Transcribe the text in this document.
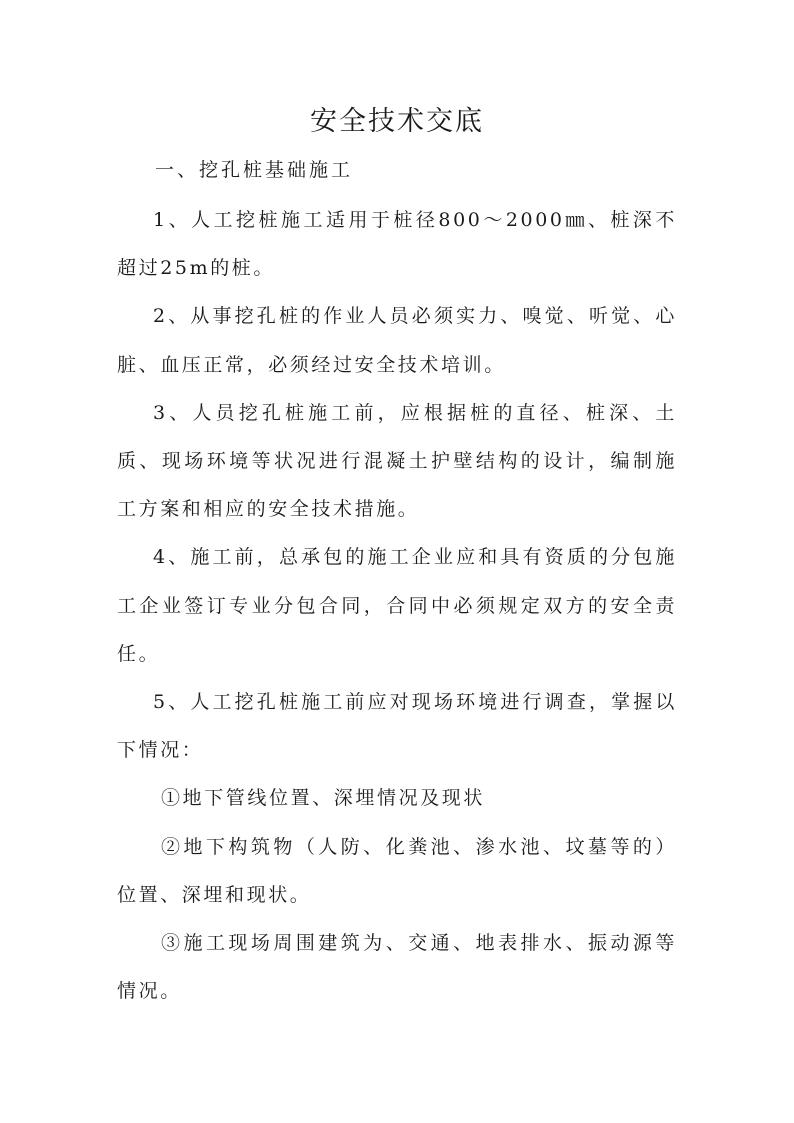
安全技术交底
一、挖孔桩基础施工

1、人工挖桩施工适用于桩径800～2000㎜、桩深不超过25m的桩。

2、从事挖孔桩的作业人员必须实力、嗅觉、听觉、心脏、血压正常，必须经过安全技术培训。

3、人员挖孔桩施工前，应根据桩的直径、桩深、土质、现场环境等状况进行混凝土护壁结构的设计，编制施工方案和相应的安全技术措施。

4、施工前，总承包的施工企业应和具有资质的分包施工企业签订专业分包合同，合同中必须规定双方的安全责任。

5、人工挖孔桩施工前应对现场环境进行调查，掌握以下情况：

①地下管线位置、深埋情况及现状

②地下构筑物（人防、化粪池、渗水池、坟墓等的）位置、深埋和现状。

③施工现场周围建筑为、交通、地表排水、振动源等情况。
